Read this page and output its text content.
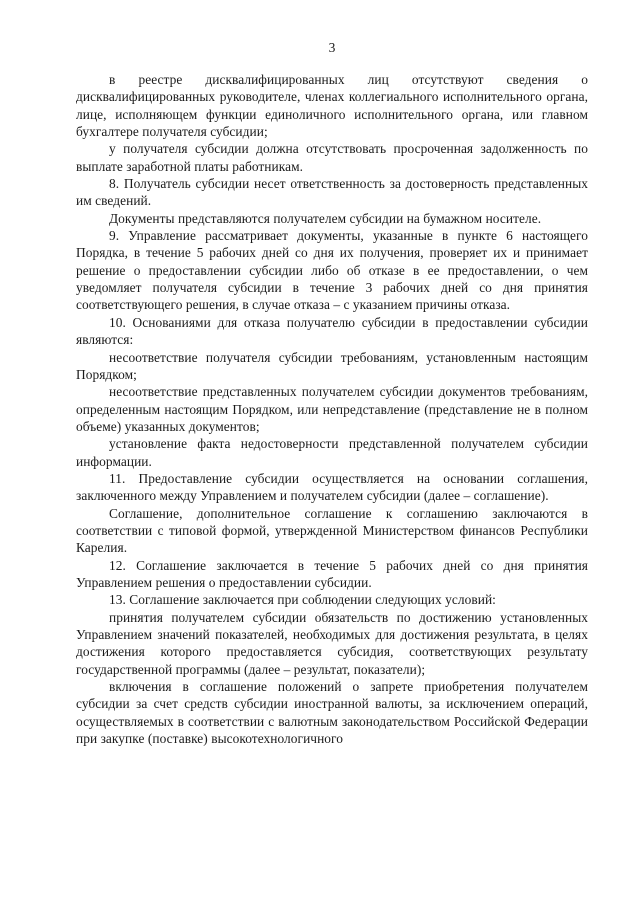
3

в реестре дисквалифицированных лиц отсутствуют сведения о дисквалифицированных руководителе, членах коллегиального исполнительного органа, лице, исполняющем функции единоличного исполнительного органа, или главном бухгалтере получателя субсидии;

у получателя субсидии должна отсутствовать просроченная задолженность по выплате заработной платы работникам.

8. Получатель субсидии несет ответственность за достоверность представленных им сведений.

Документы представляются получателем субсидии на бумажном носителе.

9. Управление рассматривает документы, указанные в пункте 6 настоящего Порядка, в течение 5 рабочих дней со дня их получения, проверяет их и принимает решение о предоставлении субсидии либо об отказе в ее предоставлении, о чем уведомляет получателя субсидии в течение 3 рабочих дней со дня принятия соответствующего решения, в случае отказа – с указанием причины отказа.

10. Основаниями для отказа получателю субсидии в предоставлении субсидии являются:

несоответствие получателя субсидии требованиям, установленным настоящим Порядком;

несоответствие представленных получателем субсидии документов требованиям, определенным настоящим Порядком, или непредставление (представление не в полном объеме) указанных документов;

установление факта недостоверности представленной получателем субсидии информации.

11. Предоставление субсидии осуществляется на основании соглашения, заключенного между Управлением и получателем субсидии (далее – соглашение).

Соглашение, дополнительное соглашение к соглашению заключаются в соответствии с типовой формой, утвержденной Министерством финансов Республики Карелия.

12. Соглашение заключается в течение 5 рабочих дней со дня принятия Управлением решения о предоставлении субсидии.

13. Соглашение заключается при соблюдении следующих условий:

принятия получателем субсидии обязательств по достижению установленных Управлением значений показателей, необходимых для достижения результата, в целях достижения которого предоставляется субсидия, соответствующих результату государственной программы (далее – результат, показатели);

включения в соглашение положений о запрете приобретения получателем субсидии за счет средств субсидии иностранной валюты, за исключением операций, осуществляемых в соответствии с валютным законодательством Российской Федерации при закупке (поставке) высокотехнологичного
